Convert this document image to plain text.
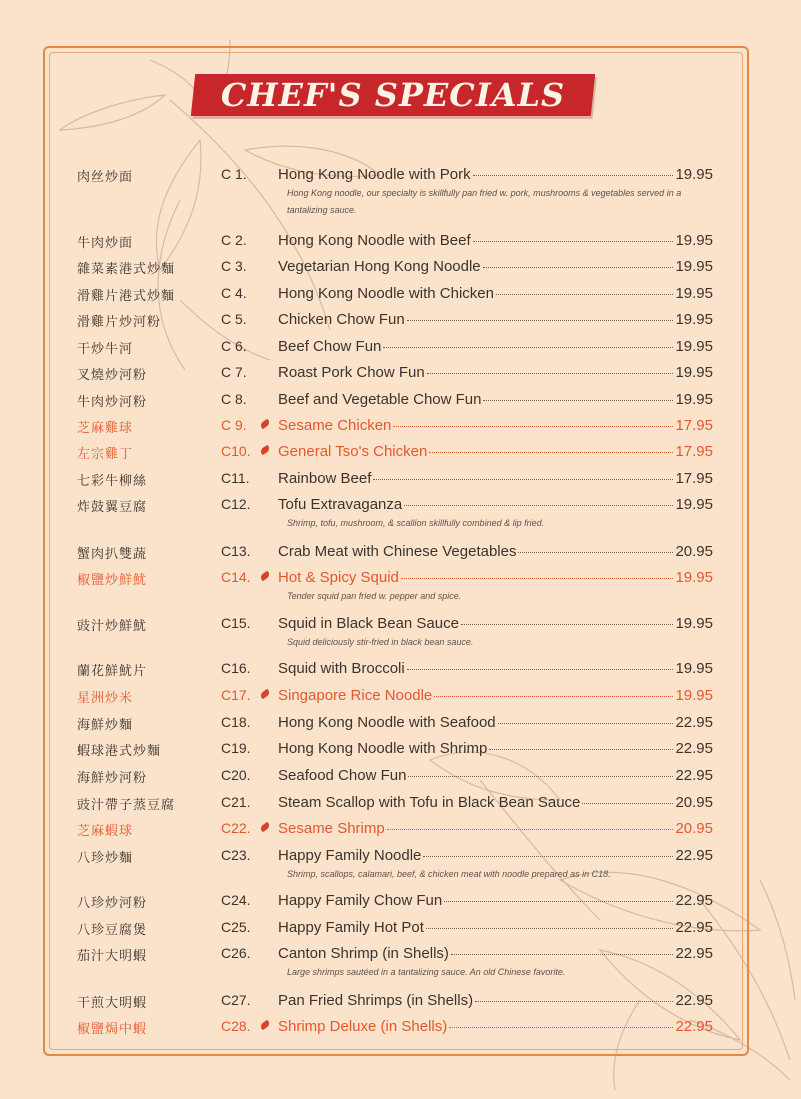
CHEF'S SPECIALS
肉丝炒面	C 1. Hong Kong Noodle with Pork	19.95
Hong Kong noodle, our specialty is skillfully pan fried w. pork, mushrooms & vegetables served in a tantalizing sauce.
牛肉炒面	C 2. Hong Kong Noodle with Beef	19.95
雜菜素港式炒麵	C 3. Vegetarian Hong Kong Noodle	19.95
滑雞片港式炒麵	C 4. Hong Kong Noodle with Chicken	19.95
滑雞片炒河粉	C 5. Chicken Chow Fun	19.95
干炒牛河	C 6. Beef Chow Fun	19.95
叉燒炒河粉	C 7. Roast Pork Chow Fun	19.95
牛肉炒河粉	C 8. Beef and Vegetable Chow Fun	19.95
芝麻雞球	C 9. Sesame Chicken	17.95
左宗雞丁	C10. General Tso's Chicken	17.95
七彩牛柳絲	C11. Rainbow Beef	17.95
炸鼓翼豆腐	C12. Tofu Extravaganza	19.95
Shrimp, tofu, mushroom, & scallion skillfully combined & lip fried.
蟹肉扒雙蔬	C13. Crab Meat with Chinese Vegetables	20.95
椒鹽炒鮮魷	C14. Hot & Spicy Squid	19.95
Tender squid pan fried w. pepper and spice.
豉汁炒鮮魷	C15. Squid in Black Bean Sauce	19.95
Squid deliciously stir-fried in black bean sauce.
蘭花鮮魷片	C16. Squid with Broccoli	19.95
星洲炒米	C17. Singapore Rice Noodle	19.95
海鮮炒麵	C18. Hong Kong Noodle with Seafood	22.95
蝦球港式炒麵	C19. Hong Kong Noodle with Shrimp	22.95
海鮮炒河粉	C20. Seafood Chow Fun	22.95
豉汁帶子蒸豆腐	C21. Steam Scallop with Tofu in Black Bean Sauce	20.95
芝麻蝦球	C22. Sesame Shrimp	20.95
八珍炒麵	C23. Happy Family Noodle	22.95
Shrimp, scallops, calamari, beef, & chicken meat with noodle prepared as in C18.
八珍炒河粉	C24. Happy Family Chow Fun	22.95
八珍豆腐煲	C25. Happy Family Hot Pot	22.95
茄汁大明蝦	C26. Canton Shrimp (in Shells)	22.95
Large shrimps sautéed in a tantalizing sauce. An old Chinese favorite.
干煎大明蝦	C27. Pan Fried Shrimps (in Shells)	22.95
椒鹽焗中蝦	C28. Shrimp Deluxe (in Shells)	22.95
